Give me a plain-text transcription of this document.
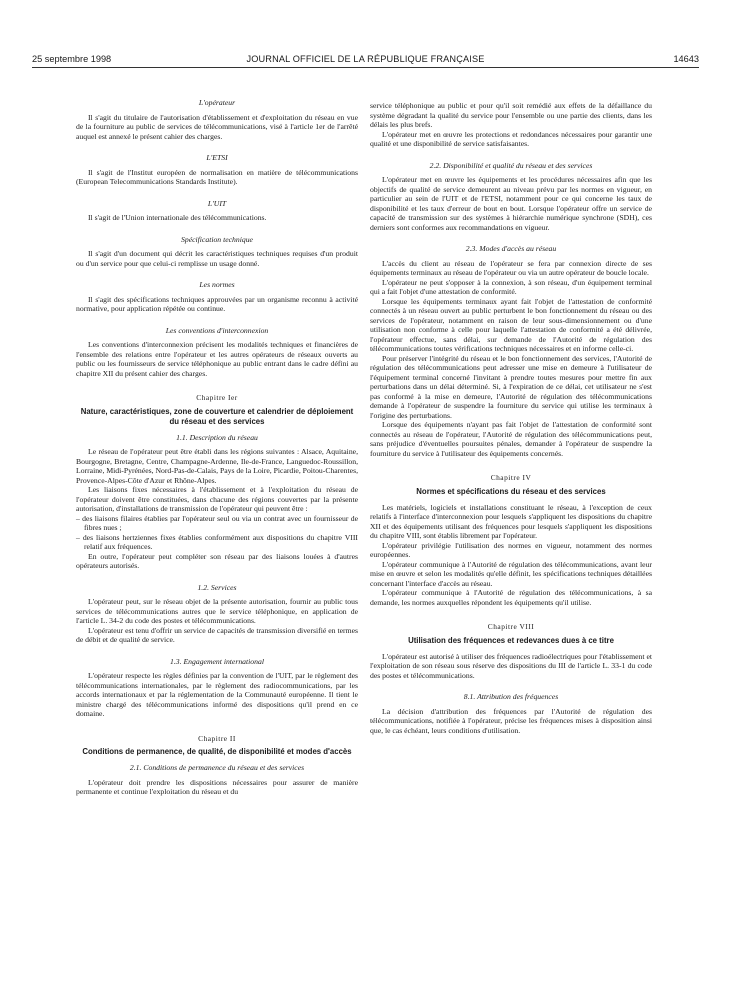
25 septembre 1998	JOURNAL OFFICIEL DE LA RÉPUBLIQUE FRANÇAISE	14643

L'opérateur

Il s'agit du titulaire de l'autorisation d'établissement et d'exploitation du réseau en vue de la fourniture au public de services de télécommunications, visé à l'article 1er de l'arrêté auquel est annexé le présent cahier des charges.

L'ETSI

Il s'agit de l'Institut européen de normalisation en matière de télécommunications (European Telecommunications Standards Institute).

L'UIT

Il s'agit de l'Union internationale des télécommunications.

Spécification technique

Il s'agit d'un document qui décrit les caractéristiques techniques requises d'un produit ou d'un service pour que celui-ci remplisse un usage donné.

Les normes

Il s'agit des spécifications techniques approuvées par un organisme reconnu à activité normative, pour application répétée ou continue.

Les conventions d'interconnexion

Les conventions d'interconnexion précisent les modalités techniques et financières de l'ensemble des relations entre l'opérateur et les autres opérateurs de réseaux ouverts au public ou les fournisseurs de service téléphonique au public entrant dans le cadre défini au chapitre XII du présent cahier des charges.

Chapitre Ier

Nature, caractéristiques, zone de couverture et calendrier de déploiement du réseau et des services

1.1. Description du réseau

Le réseau de l'opérateur peut être établi dans les régions suivantes : Alsace, Aquitaine, Bourgogne, Bretagne, Centre, Champagne-Ardenne, Ile-de-France, Languedoc-Roussillon, Lorraine, Midi-Pyrénées, Nord-Pas-de-Calais, Pays de la Loire, Picardie, Poitou-Charentes, Provence-Alpes-Côte d'Azur et Rhône-Alpes.

Les liaisons fixes nécessaires à l'établissement et à l'exploitation du réseau de l'opérateur doivent être constituées, dans chacune des régions couvertes par la présente autorisation, d'installations de transmission de l'opérateur qui peuvent être :

– des liaisons filaires établies par l'opérateur seul ou via un contrat avec un fournisseur de fibres nues ;

– des liaisons hertziennes fixes établies conformément aux dispositions du chapitre VIII relatif aux fréquences.

En outre, l'opérateur peut compléter son réseau par des liaisons louées à d'autres opérateurs autorisés.

1.2. Services

L'opérateur peut, sur le réseau objet de la présente autorisation, fournir au public tous services de télécommunications autres que le service téléphonique, en application de l'article L. 34-2 du code des postes et télécommunications.

L'opérateur est tenu d'offrir un service de capacités de transmission diversifié en termes de débit et de qualité de service.

1.3. Engagement international

L'opérateur respecte les règles définies par la convention de l'UIT, par le règlement des télécommunications internationales, par le règlement des radiocommunications, par les accords internationaux et par la réglementation de la Communauté européenne. Il tient le ministre chargé des télécommunications informé des dispositions qu'il prend en ce domaine.

Chapitre II

Conditions de permanence, de qualité, de disponibilité et modes d'accès

2.1. Conditions de permanence du réseau et des services

L'opérateur doit prendre les dispositions nécessaires pour assurer de manière permanente et continue l'exploitation du réseau et du

service téléphonique au public et pour qu'il soit remédié aux effets de la défaillance du système dégradant la qualité du service pour l'ensemble ou une partie des clients, dans les délais les plus brefs.

L'opérateur met en œuvre les protections et redondances nécessaires pour garantir une qualité et une disponibilité de service satisfaisantes.

2.2. Disponibilité et qualité du réseau et des services

L'opérateur met en œuvre les équipements et les procédures nécessaires afin que les objectifs de qualité de service demeurent au niveau prévu par les normes en vigueur, en particulier au sein de l'UIT et de l'ETSI, notamment pour ce qui concerne les taux de disponibilité et les taux d'erreur de bout en bout. Lorsque l'opérateur offre un service de capacité de transmission sur des systèmes à hiérarchie numérique synchrone (SDH), ces derniers sont conformes aux recommandations en vigueur.

2.3. Modes d'accès au réseau

L'accès du client au réseau de l'opérateur se fera par connexion directe de ses équipements terminaux au réseau de l'opérateur ou via un autre opérateur de boucle locale.

L'opérateur ne peut s'opposer à la connexion, à son réseau, d'un équipement terminal qui a fait l'objet d'une attestation de conformité.

Lorsque les équipements terminaux ayant fait l'objet de l'attestation de conformité connectés à un réseau ouvert au public perturbent le bon fonctionnement du réseau ou des services de l'opérateur, notamment en raison de leur sous-dimensionnement ou d'une utilisation non conforme à celle pour laquelle l'attestation de conformité a été délivrée, l'opérateur effectue, sans délai, sur demande de l'Autorité de régulation des télécommunications toutes vérifications techniques nécessaires et en informe celle-ci.

Pour préserver l'intégrité du réseau et le bon fonctionnement des services, l'Autorité de régulation des télécommunications peut adresser une mise en demeure à l'utilisateur de l'équipement terminal concerné l'invitant à prendre toutes mesures pour mettre fin aux perturbations dans un délai déterminé. Si, à l'expiration de ce délai, cet utilisateur ne s'est pas conformé à la mise en demeure, l'Autorité de régulation des télécommunications demande à l'opérateur de suspendre la fourniture du service qui utilise les terminaux à l'origine des perturbations.

Lorsque des équipements n'ayant pas fait l'objet de l'attestation de conformité sont connectés au réseau de l'opérateur, l'Autorité de régulation des télécommunications peut, sans préjudice d'éventuelles poursuites pénales, demander à l'opérateur de suspendre la fourniture du service à l'utilisateur des équipements concernés.

Chapitre IV

Normes et spécifications du réseau et des services

Les matériels, logiciels et installations constituant le réseau, à l'exception de ceux relatifs à l'interface d'interconnexion pour lesquels s'appliquent les dispositions du chapitre XII et des équipements utilisant des fréquences pour lesquels s'appliquent les dispositions du chapitre VIII, sont établis librement par l'opérateur.

L'opérateur privilégie l'utilisation des normes en vigueur, notamment des normes européennes.

L'opérateur communique à l'Autorité de régulation des télécommunications, avant leur mise en œuvre et selon les modalités qu'elle définit, les spécifications techniques détaillées concernant l'interface d'accès au réseau.

L'opérateur communique à l'Autorité de régulation des télécommunications, à sa demande, les normes auxquelles répondent les équipements qu'il utilise.

Chapitre VIII

Utilisation des fréquences et redevances dues à ce titre

L'opérateur est autorisé à utiliser des fréquences radioélectriques pour l'établissement et l'exploitation de son réseau sous réserve des dispositions du III de l'article L. 33-1 du code des postes et télécommunications.

8.1. Attribution des fréquences

La décision d'attribution des fréquences par l'Autorité de régulation des télécommunications, notifiée à l'opérateur, précise les fréquences mises à disposition ainsi que, le cas échéant, leurs conditions d'utilisation.
